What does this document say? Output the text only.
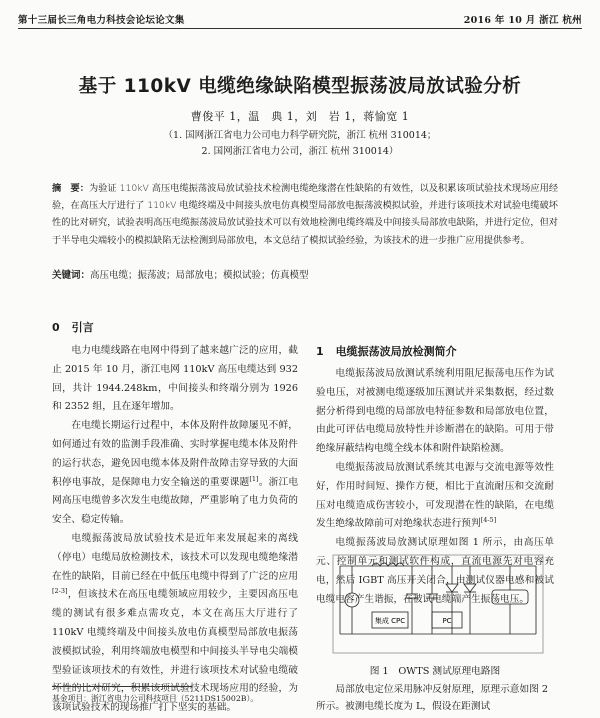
第十三届长三角电力科技会论坛论文集	2016 年 10 月 浙江 杭州
基于 110kV 电缆绝缘缺陷模型振荡波局放试验分析
曹俊平 1，温　典 1，刘　岩 1，蒋愉宽 1
（1. 国网浙江省电力公司电力科学研究院，浙江 杭州 310014；
2. 国网浙江省电力公司，浙江 杭州 310014）
摘　要：为验证 110kV 高压电缆振荡波局放试验技术检测电缆绝缘潜在性缺陷的有效性，以及积累该项试验技术现场应用经验，在高压大厅进行了 110kV 电缆终端及中间接头放电仿真模型局部放电振荡波模拟试验，并进行该项技术对试验电缆破坏性的比对研究，试验表明高压电缆振荡波局放试验技术可以有效地检测电缆终端及中间接头局部放电缺陷，并进行定位，但对于半导电尖端较小的模拟缺陷无法检测到局部放电，本文总结了模拟试验经验，为该技术的进一步推广应用提供参考。
关键词：高压电缆；振荡波；局部放电；模拟试验；仿真模型
0 引言

电力电缆线路在电网中得到了越来越广泛的应用，截止 2015 年 10 月，浙江电网 110kV 高压电缆达到 932 回，共计 1944.248km，中间接头和终端分别为 1926 和 2352 组，且在逐年增加。

在电缆长期运行过程中，本体及附件故障屡见不鲜，如何通过有效的监测手段准确、实时掌握电缆本体及附件的运行状态，避免因电缆本体及附件故障击穿导致的大面积停电事故，是保障电力安全输送的重要课题[1]。浙江电网高压电缆曾多次发生电缆故障，严重影响了电力负荷的安全、稳定传输。

电缆振荡波局放试验技术是近年来发展起来的离线（停电）电缆局放检测技术，该技术可以发现电缆绝缘潜在性的缺陷，目前已经在中低压电缆中得到了广泛的应用[2-3]，但该技术在高压电缆领域应用较少，主要因高压电缆的测试有很多难点需攻克，本文在高压大厅进行了 110kV 电缆终端及中间接头放电仿真模型局部放电振荡波模拟试验，利用终端放电模型和中间接头半导电尖端模型验证该项技术的有效性，并进行该项技术对试验电缆破坏性的比对研究，积累该项试验技术现场应用的经验，为该项试验技术的现场推广打下坚实的基础。

1 电缆振荡波局放检测简介

电缆振荡波局放测试系统利用阻尼振荡电压作为试验电压，对被测电缆逐级加压测试并采集数据，经过数据分析得到电缆的局部放电特征参数和局部放电位置，由此可评估电缆局放特性并诊断潜在的缺陷。可用于带绝缘屏蔽结构电缆全线本体和附件缺陷检测。

电缆振荡波局放测试系统其电源与交流电源等效性好，作用时间短、操作方便，相比于直流耐压和交流耐压对电缆造成伤害较小，可发现潜在性的缺陷，在电缆发生绝缘故障前可对绝缘状态进行预判[4-5]

电缆振荡波局放测试原理如图 1 所示，由高压单元、控制单元和测试软件构成，直流电源先对电容充电，然后 IGBT 高压开关闭合，由测试仪器电感和被试电缆电容产生谐振，在被试电缆端产生振荡电压。

集成 CPC	PC
图 1　OWTS 测试原理电路图

局部放电定位采用脉冲反射原理，原理示意如图 2 所示。被测电缆长度为 L，假设在距测试

基金项目：浙江省电力公司科技项目（5211DS15002B）。
